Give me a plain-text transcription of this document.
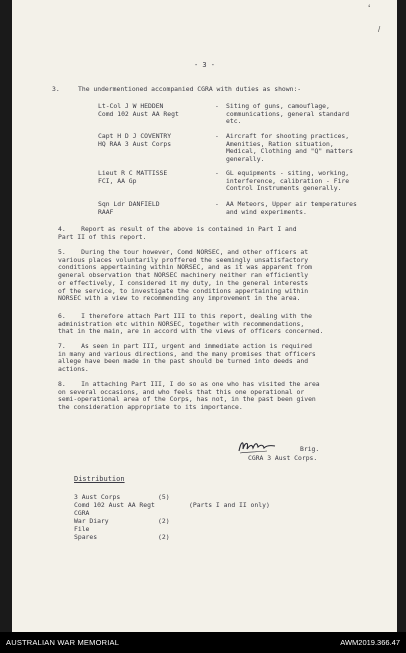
‘
/
- 3 -
3.	The undermentioned accompanied CGRA with duties as shown:-
Lt-Col J W HEDDEN
Comd 102 Aust AA Regt
- Siting of guns, camouflage,
communications, general standard
etc.
Capt H D J COVENTRY
HQ RAA 3 Aust Corps
- Aircraft for shooting practices,
Amenities, Ration situation,
Medical, Clothing and "Q" matters
generally.
Lieut R C MATTISSE
FCI, AA Gp
- GL equipments - siting, working,
interference, calibration - Fire
Control Instruments generally.
Sqn Ldr DANFIELD
RAAF
- AA Meteors, Upper air temperatures
and wind experiments.

4. Report as result of the above is contained in Part I and

Part II of this report.

5. During the tour however, Comd NORSEC, and other officers at

various places voluntarily proffered the seemingly unsatisfactory

conditions appertaining within NORSEC, and as it was apparent from

general observation that NORSEC machinery neither ran efficiently

or effectively, I considered it my duty, in the general interests

of the service, to investigate the conditions appertaining within

NORSEC with a view to recommending any improvement in the area.

6. I therefore attach Part III to this report, dealing with the

administration etc within NORSEC, together with recommendations,

that in the main, are in accord with the views of officers concerned.

7. As seen in part III, urgent and immediate action is required

in many and various directions, and the many promises that officers

allege have been made in the past should be turned into deeds and

actions.

8. In attaching Part III, I do so as one who has visited the area

on several occasions, and who feels that this one operational or

semi-operational area of the Corps, has not, in the past been given

the consideration appropriate to its importance.

Brig.
CGRA 3 Aust Corps.
Distribution
3 Aust Corps	(5)
Comd 102 Aust AA Regt	(Parts I and II only)
CGRA
War Diary	(2)
File
Spares	(2)
AUSTRALIAN WAR MEMORIAL	AWM2019.366.47
